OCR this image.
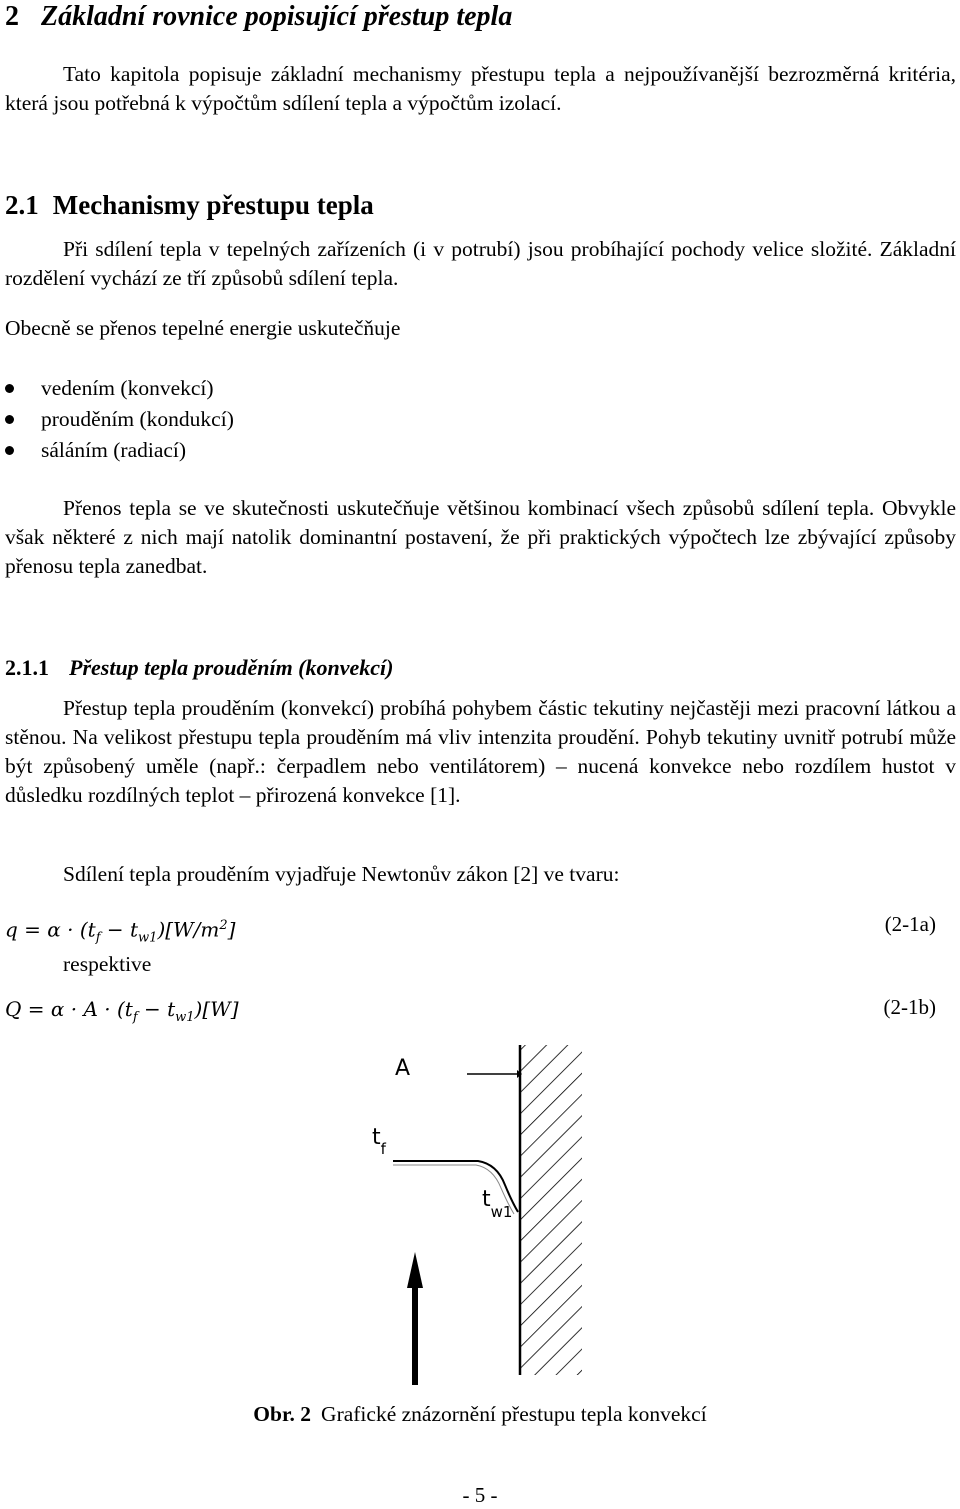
2 Základní rovnice popisující přestup tepla

Tato kapitola popisuje základní mechanismy přestupu tepla a nejpoužívanější bezrozměrná kritéria, která jsou potřebná k výpočtům sdílení tepla a výpočtům izolací.

2.1 Mechanismy přestupu tepla

Při sdílení tepla v tepelných zařízeních (i v potrubí) jsou probíhající pochody velice složité. Základní rozdělení vychází ze tří způsobů sdílení tepla.

Obecně se přenos tepelné energie uskutečňuje

vedením (konvekcí)
prouděním (kondukcí)
sáláním (radiací)

Přenos tepla se ve skutečnosti uskutečňuje většinou kombinací všech způsobů sdílení tepla. Obvykle však některé z nich mají natolik dominantní postavení, že při praktických výpočtech lze zbývající způsoby přenosu tepla zanedbat.

2.1.1 Přestup tepla prouděním (konvekcí)

Přestup tepla prouděním (konvekcí) probíhá pohybem částic tekutiny nejčastěji mezi pracovní látkou a stěnou. Na velikost přestupu tepla prouděním má vliv intenzita proudění. Pohyb tekutiny uvnitř potrubí může být způsobený uměle (např.: čerpadlem nebo ventilátorem) – nucená konvekce nebo rozdílem hustot v důsledku rozdílných teplot – přirozená konvekce [1].

Sdílení tepla prouděním vyjadřuje Newtonův zákon [2] ve tvaru:

$q = \alpha \cdot (t_f - t_{w1})[W/m^2]$	(2-1a)

respektive

$Q = \alpha \cdot A \cdot (t_f - t_{w1})[W]$	(2-1b)
A
$t_f$
$t_{w1}$
Obr. 2 Grafické znázornění přestupu tepla konvekcí
- 5 -
